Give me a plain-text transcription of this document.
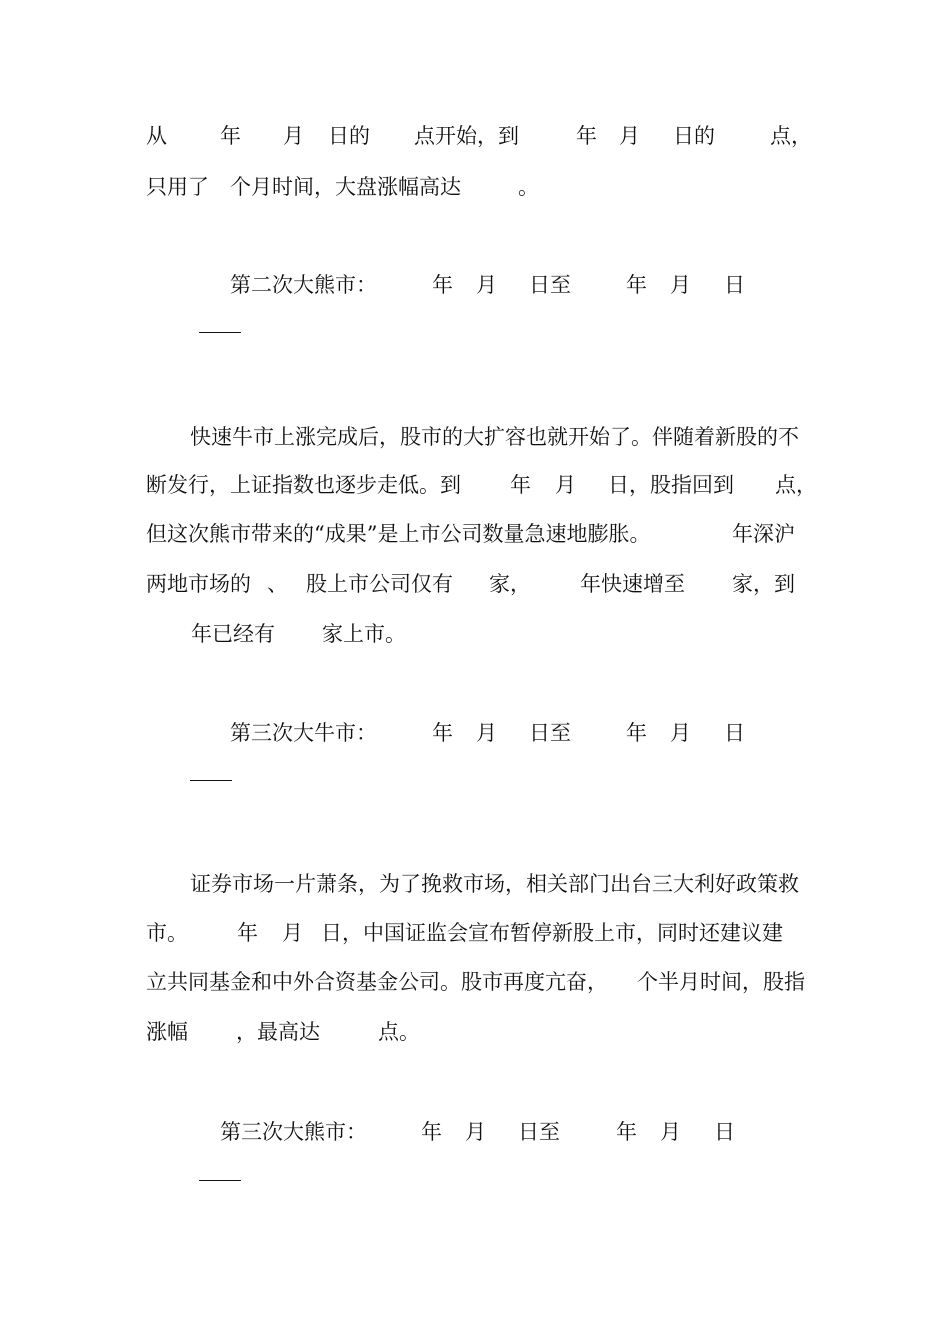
从	年 月 日的 点开始，到	年 月 日的	点，
只用了 个月时间，大盘涨幅高达	。
第二次大熊市：	年 月 日至	年 月 日
快速牛市上涨完成后，股市的大扩容也就开始了。伴随着新股的不
断发行，上证指数也逐步走低。到 年 月 日，股指回到 点，
但这次熊市带来的“成果”是上市公司数量急速地膨胀。	年深沪
两地市场的 、 股上市公司仅有 家， 年快速增至 家，到
年已经有 家上市。
第三次大牛市：	年 月 日至	年 月 日
证券市场一片萧条，为了挽救市场，相关部门出台三大利好政策救
市。 年 月 日，中国证监会宣布暂停新股上市，同时还建议建
立共同基金和中外合资基金公司。股市再度亢奋， 个半月时间，股指
涨幅 ，最高达	点。
第三次大熊市：	年 月 日至	年 月 日
